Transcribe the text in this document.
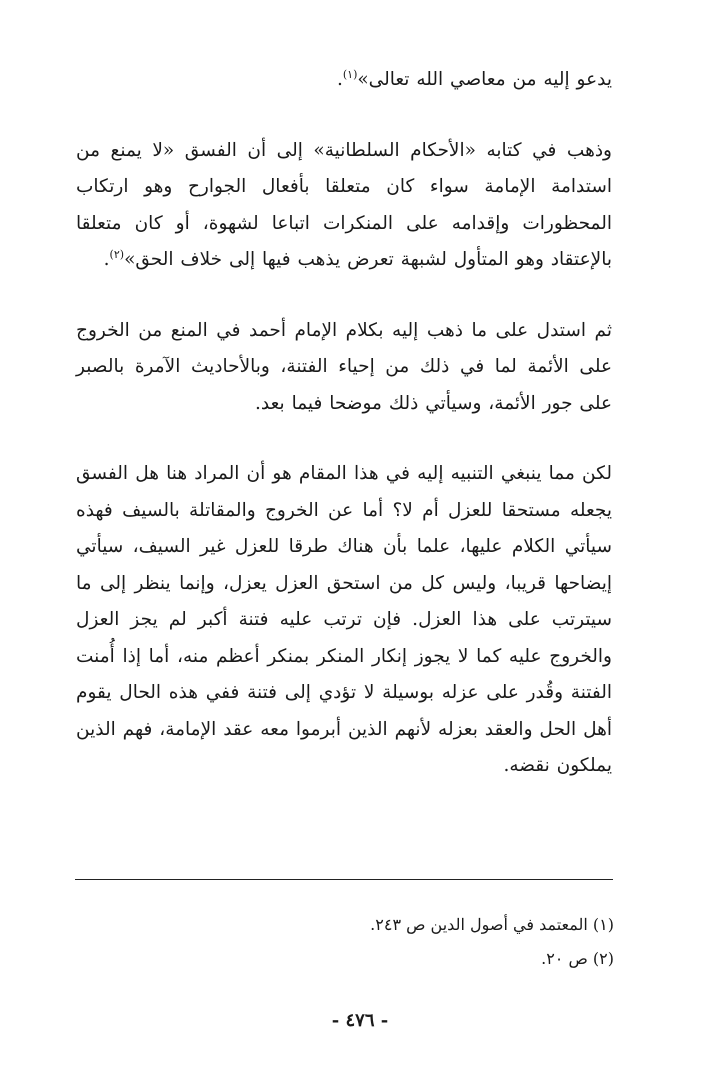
يدعو إليه من معاصي الله تعالى»$^{(١)}$.

وذهب في كتابه «الأحكام السلطانية» إلى أن الفسق «لا يمنع من استدامة الإمامة سواء كان متعلقا بأفعال الجوارح وهو ارتكاب المحظورات وإقدامه على المنكرات اتباعا لشهوة، أو كان متعلقا بالإعتقاد وهو المتأول لشبهة تعرض يذهب فيها إلى خلاف الحق»$^{(٢)}$.

ثم استدل على ما ذهب إليه بكلام الإمام أحمد في المنع من الخروج على الأئمة لما في ذلك من إحياء الفتنة، وبالأحاديث الآمرة بالصبر على جور الأئمة، وسيأتي ذلك موضحا فيما بعد.

لكن مما ينبغي التنبيه إليه في هذا المقام هو أن المراد هنا هل الفسق يجعله مستحقا للعزل أم لا؟ أما عن الخروج والمقاتلة بالسيف فهذه سيأتي الكلام عليها، علما بأن هناك طرقا للعزل غير السيف، سيأتي إيضاحها قريبا، وليس كل من استحق العزل يعزل، وإنما ينظر إلى ما سيترتب على هذا العزل. فإن ترتب عليه فتنة أكبر لم يجز العزل والخروج عليه كما لا يجوز إنكار المنكر بمنكر أعظم منه، أما إذا أُمنت الفتنة وقُدر على عزله بوسيلة لا تؤدي إلى فتنة ففي هذه الحال يقوم أهل الحل والعقد بعزله لأنهم الذين أبرموا معه عقد الإمامة، فهم الذين يملكون نقضه.

(١) المعتمد في أصول الدين ص ٢٤٣.

(٢) ص ٢٠.

- ٤٧٦ -
